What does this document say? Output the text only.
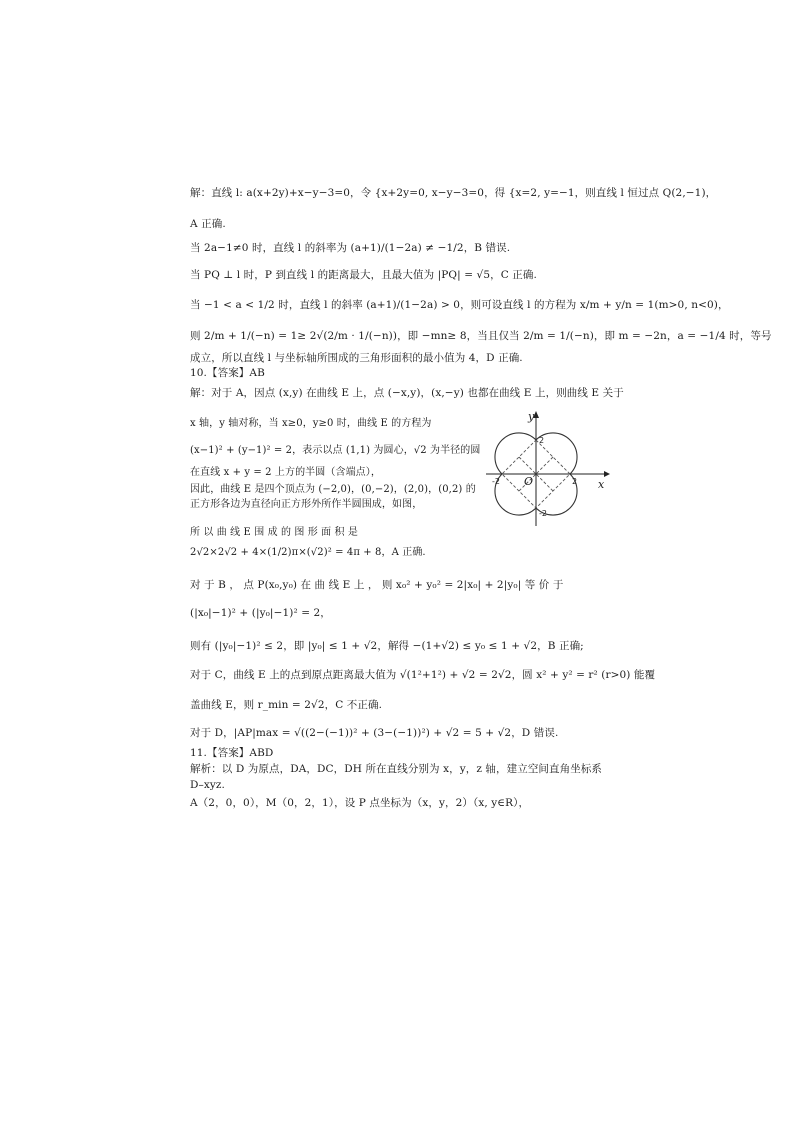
解：直线 l: a(x+2y)+x−y−3=0，令 {x+2y=0, x−y−3=0，得 {x=2, y=−1，则直线 l 恒过点 Q(2,−1)，
A 正确.
当 2a−1≠0 时，直线 l 的斜率为 (a+1)/(1−2a) ≠ −1/2，B 错误.
当 PQ ⊥ l 时，P 到直线 l 的距离最大，且最大值为 |PQ| = √5，C 正确.
当 −1 < a < 1/2 时，直线 l 的斜率 (a+1)/(1−2a) > 0，则可设直线 l 的方程为 x/m + y/n = 1(m>0, n<0)，
则 2/m + 1/(−n) = 1≥ 2√(2/m · 1/(−n))，即 −mn≥ 8，当且仅当 2/m = 1/(−n)，即 m = −2n，a = −1/4 时，等号
成立，所以直线 l 与坐标轴所围成的三角形面积的最小值为 4，D 正确.
10.【答案】AB
解：对于 A，因点 (x,y) 在曲线 E 上，点 (−x,y)，(x,−y) 也都在曲线 E 上，则曲线 E 关于
x 轴，y 轴对称，当 x≥0，y≥0 时，曲线 E 的方程为
(x−1)² + (y−1)² = 2，表示以点 (1,1) 为圆心，√2 为半径的圆
在直线 x + y = 2 上方的半圆（含端点），
因此，曲线 E 是四个顶点为 (−2,0)，(0,−2)，(2,0)，(0,2) 的
正方形各边为直径向正方形外所作半圆围成，如图，
所 以 曲 线 E 围 成 的 图 形 面 积 是
2√2×2√2 + 4×(1/2)π×(√2)² = 4π + 8，A 正确.
对 于 B ， 点 P(x₀,y₀) 在 曲 线 E 上 ， 则 x₀² + y₀² = 2|x₀| + 2|y₀| 等 价 于
(|x₀|−1)² + (|y₀|−1)² = 2，
则有 (|y₀|−1)² ≤ 2，即 |y₀| ≤ 1 + √2，解得 −(1+√2) ≤ y₀ ≤ 1 + √2，B 正确;
对于 C，曲线 E 上的点到原点距离最大值为 √(1²+1²) + √2 = 2√2，圆 x² + y² = r² (r>0) 能覆
盖曲线 E，则 r_min = 2√2，C 不正确.
对于 D，|AP|max = √((2−(−1))² + (3−(−1))²) + √2 = 5 + √2，D 错误.
11.【答案】ABD
解析：以 D 为原点，DA，DC，DH 所在直线分别为 x，y，z 轴，建立空间直角坐标系
D–xyz.
A（2，0，0），M（0，2，1），设 P 点坐标为（x，y，2）（x, y∈R），
y
x
O
2
-2
-2	2
